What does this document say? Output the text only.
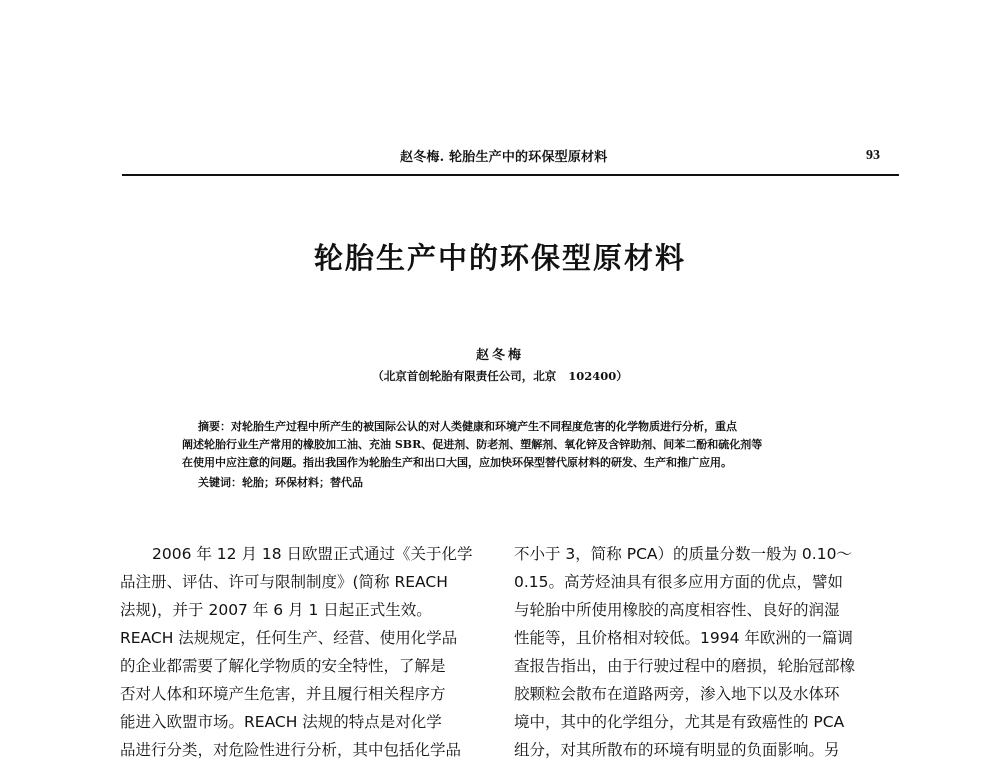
赵冬梅. 轮胎生产中的环保型原材料	93
轮胎生产中的环保型原材料
赵冬梅
（北京首创轮胎有限责任公司，北京   102400）
摘要：对轮胎生产过程中所产生的被国际公认的对人类健康和环境产生不同程度危害的化学物质进行分析，重点
阐述轮胎行业生产常用的橡胶加工油、充油 SBR、促进剂、防老剂、塑解剂、氧化锌及含锌助剂、间苯二酚和硫化剂等
在使用中应注意的问题。指出我国作为轮胎生产和出口大国，应加快环保型替代原材料的研发、生产和推广应用。
关键词：轮胎；环保材料；替代品
2006 年 12 月 18 日欧盟正式通过《关于化学
品注册、评估、许可与限制制度》(简称 REACH
法规)，并于 2007 年 6 月 1 日起正式生效。
REACH 法规规定，任何生产、经营、使用化学品
的企业都需要了解化学物质的安全特性，了解是
否对人体和环境产生危害，并且履行相关程序方
能进入欧盟市场。REACH 法规的特点是对化学
品进行分类，对危险性进行分析，其中包括化学品
不小于 3，简称 PCA）的质量分数一般为 0.10～
0.15。高芳烃油具有很多应用方面的优点，譬如
与轮胎中所使用橡胶的高度相容性、良好的润湿
性能等，且价格相对较低。1994 年欧洲的一篇调
查报告指出，由于行驶过程中的磨损，轮胎冠部橡
胶颗粒会散布在道路两旁，渗入地下以及水体环
境中，其中的化学组分，尤其是有致癌性的 PCA
组分，对其所散布的环境有明显的负面影响。另
